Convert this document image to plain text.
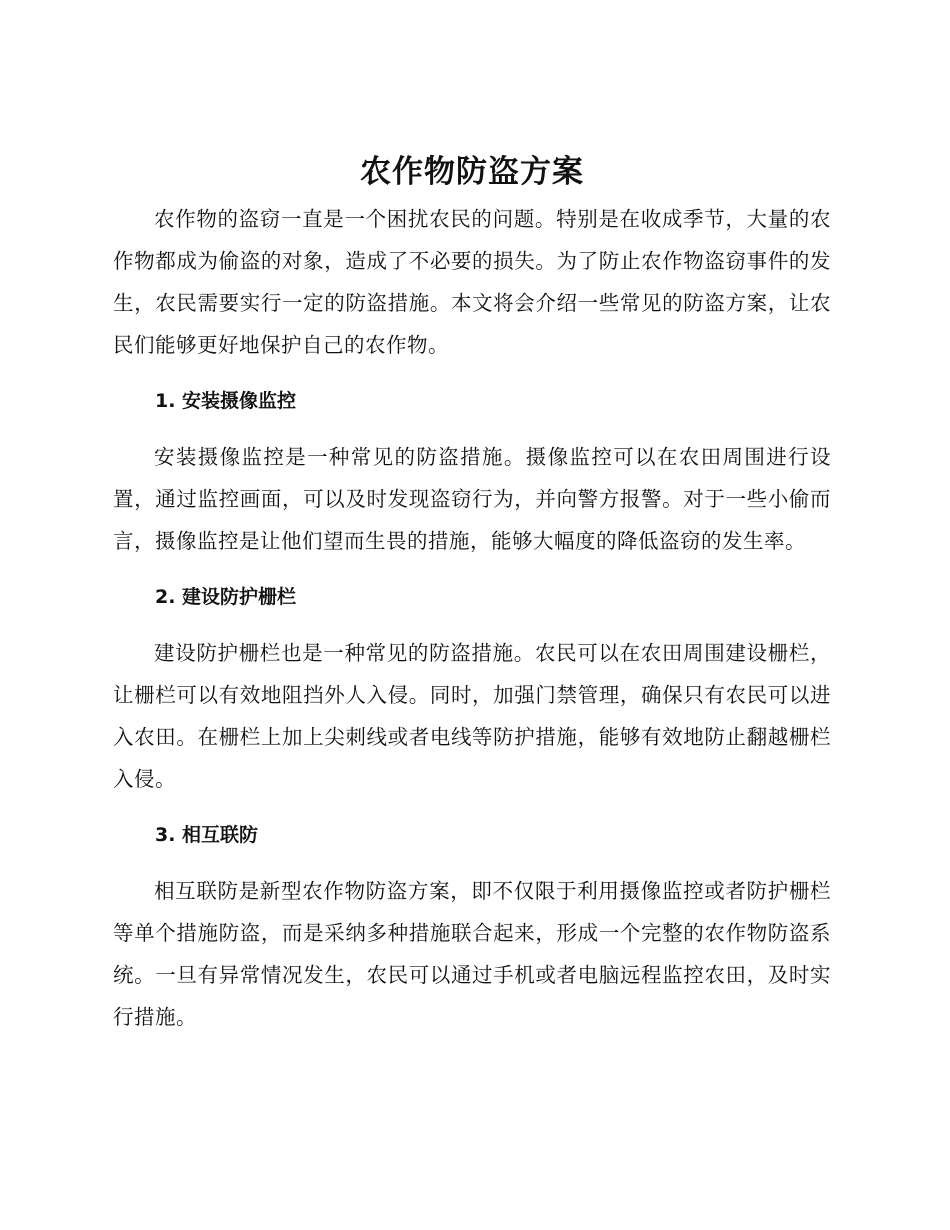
农作物防盗方案

农作物的盗窃一直是一个困扰农民的问题。特别是在收成季节，大量的农作物都成为偷盗的对象，造成了不必要的损失。为了防止农作物盗窃事件的发生，农民需要实行一定的防盗措施。本文将会介绍一些常见的防盗方案，让农民们能够更好地保护自己的农作物。

1. 安装摄像监控

安装摄像监控是一种常见的防盗措施。摄像监控可以在农田周围进行设置，通过监控画面，可以及时发现盗窃行为，并向警方报警。对于一些小偷而言，摄像监控是让他们望而生畏的措施，能够大幅度的降低盗窃的发生率。

2. 建设防护栅栏

建设防护栅栏也是一种常见的防盗措施。农民可以在农田周围建设栅栏，让栅栏可以有效地阻挡外人入侵。同时，加强门禁管理，确保只有农民可以进入农田。在栅栏上加上尖刺线或者电线等防护措施，能够有效地防止翻越栅栏入侵。

3. 相互联防

相互联防是新型农作物防盗方案，即不仅限于利用摄像监控或者防护栅栏等单个措施防盗，而是采纳多种措施联合起来，形成一个完整的农作物防盗系统。一旦有异常情况发生，农民可以通过手机或者电脑远程监控农田，及时实行措施。
